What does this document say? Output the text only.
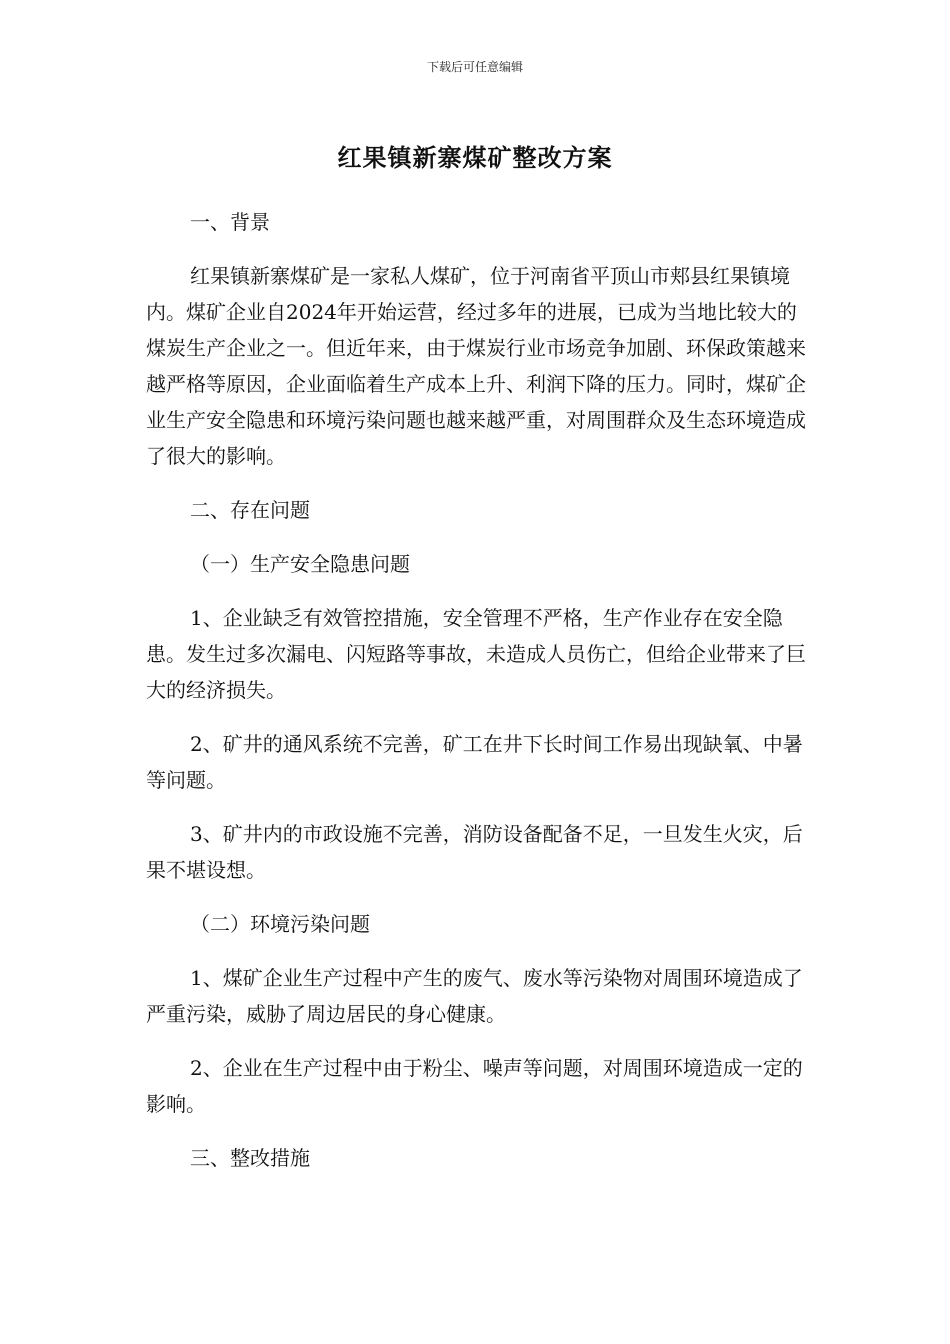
下载后可任意编辑
红果镇新寨煤矿整改方案

一、背景

红果镇新寨煤矿是一家私人煤矿，位于河南省平顶山市郏县红果镇境内。煤矿企业自2024年开始运营，经过多年的进展，已成为当地比较大的煤炭生产企业之一。但近年来，由于煤炭行业市场竞争加剧、环保政策越来越严格等原因，企业面临着生产成本上升、利润下降的压力。同时，煤矿企业生产安全隐患和环境污染问题也越来越严重，对周围群众及生态环境造成了很大的影响。

二、存在问题

（一）生产安全隐患问题

1、企业缺乏有效管控措施，安全管理不严格，生产作业存在安全隐患。发生过多次漏电、闪短路等事故，未造成人员伤亡，但给企业带来了巨大的经济损失。

2、矿井的通风系统不完善，矿工在井下长时间工作易出现缺氧、中暑等问题。

3、矿井内的市政设施不完善，消防设备配备不足，一旦发生火灾，后果不堪设想。

（二）环境污染问题

1、煤矿企业生产过程中产生的废气、废水等污染物对周围环境造成了严重污染，威胁了周边居民的身心健康。

2、企业在生产过程中由于粉尘、噪声等问题，对周围环境造成一定的影响。

三、整改措施
